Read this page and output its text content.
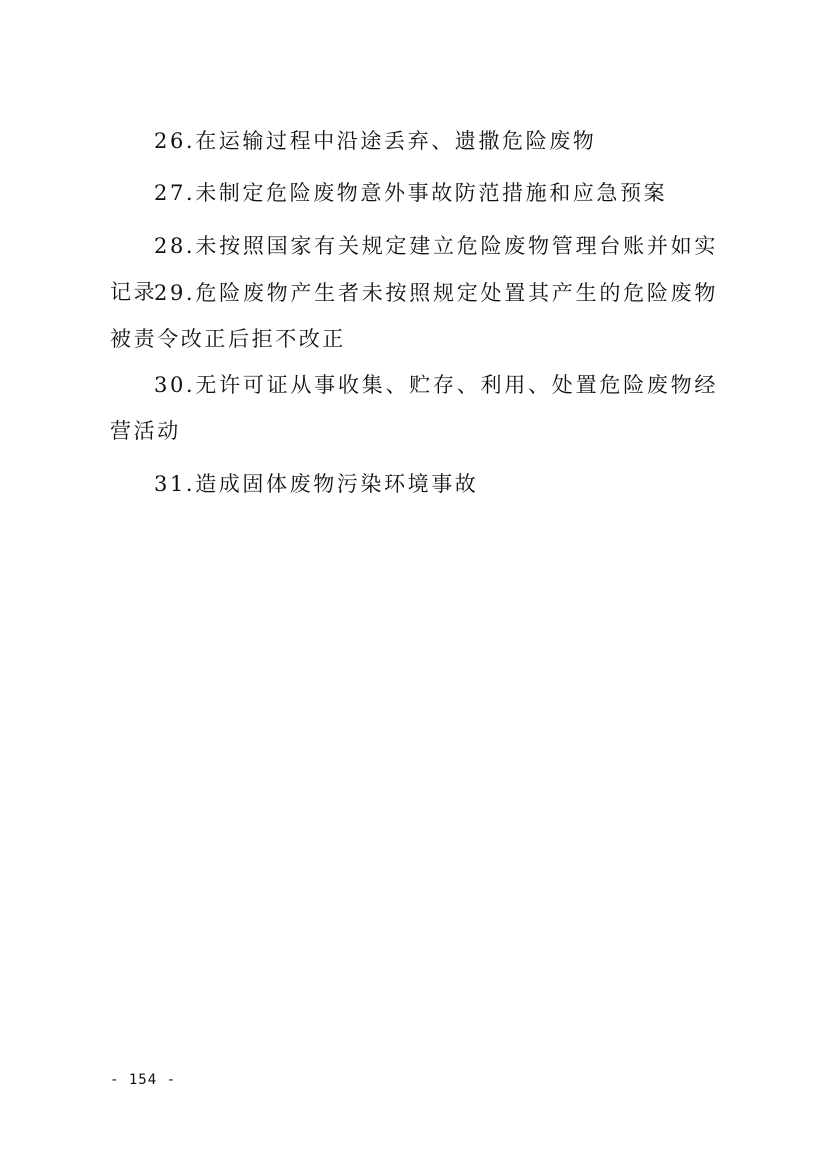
26.在运输过程中沿途丢弃、遗撒危险废物

27.未制定危险废物意外事故防范措施和应急预案

28.未按照国家有关规定建立危险废物管理台账并如实记录

29.危险废物产生者未按照规定处置其产生的危险废物被责令改正后拒不改正

30.无许可证从事收集、贮存、利用、处置危险废物经营活动

31.造成固体废物污染环境事故

- 154 -
